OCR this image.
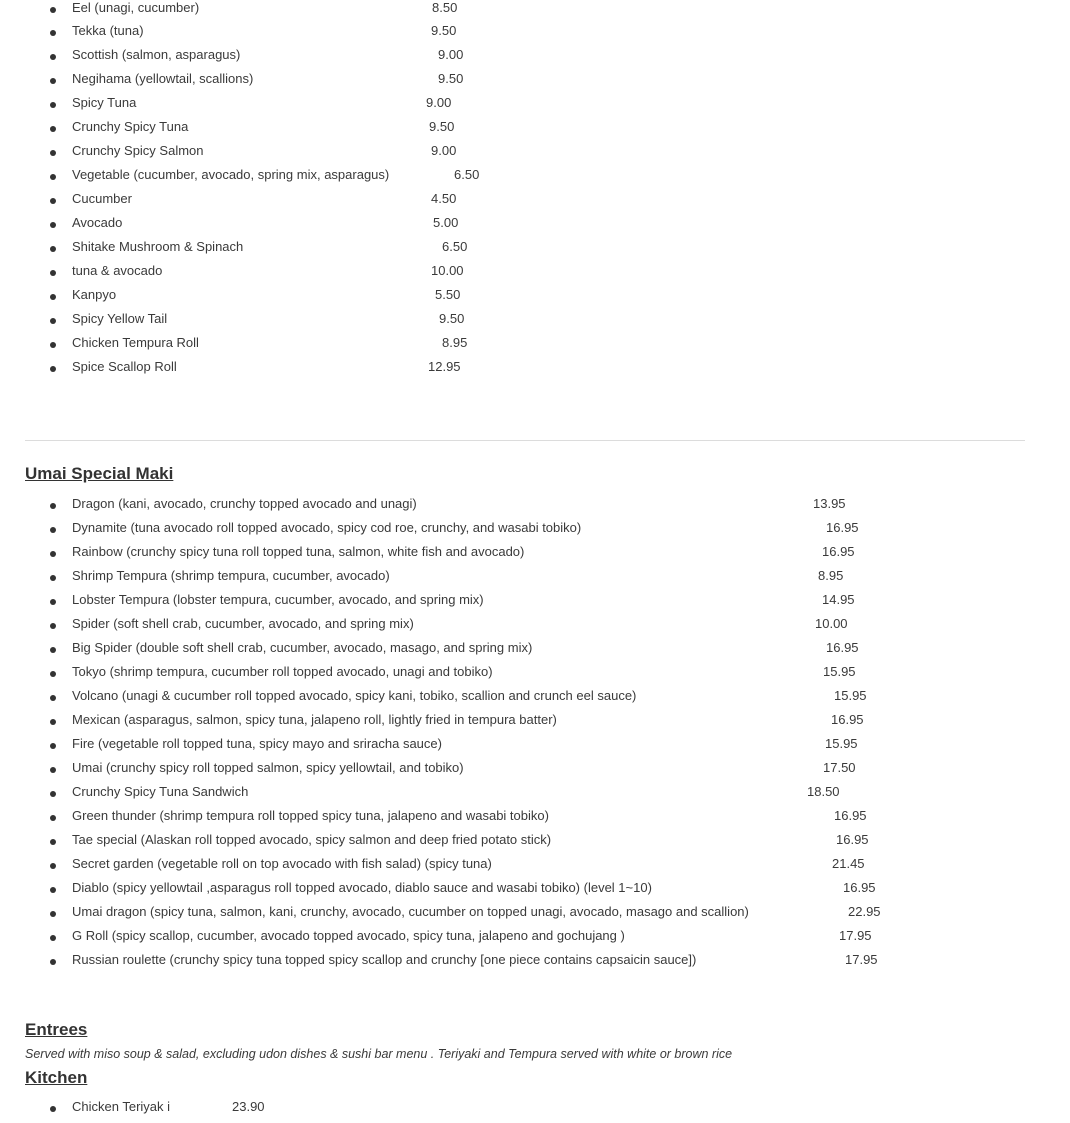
Eel (unagi, cucumber)	8.50
Tekka (tuna)	9.50
Scottish (salmon, asparagus)	9.00
Negihama (yellowtail, scallions)	9.50
Spicy Tuna	9.00
Crunchy Spicy Tuna	9.50
Crunchy Spicy Salmon	9.00
Vegetable (cucumber, avocado, spring mix, asparagus)	6.50
Cucumber	4.50
Avocado	5.00
Shitake Mushroom & Spinach	6.50
tuna & avocado	10.00
Kanpyo	5.50
Spicy Yellow Tail	9.50
Chicken Tempura Roll	8.95
Spice Scallop Roll	12.95
Umai Special Maki
Dragon (kani, avocado, crunchy topped avocado and unagi)	13.95
Dynamite (tuna avocado roll topped avocado, spicy cod roe, crunchy, and wasabi tobiko)	16.95
Rainbow (crunchy spicy tuna roll topped tuna, salmon, white fish and avocado)	16.95
Shrimp Tempura (shrimp tempura, cucumber, avocado)	8.95
Lobster Tempura (lobster tempura, cucumber, avocado, and spring mix)	14.95
Spider (soft shell crab, cucumber, avocado, and spring mix)	10.00
Big Spider (double soft shell crab, cucumber, avocado, masago, and spring mix)	16.95
Tokyo (shrimp tempura, cucumber roll topped avocado, unagi and tobiko)	15.95
Volcano (unagi & cucumber roll topped avocado, spicy kani, tobiko, scallion and crunch eel sauce)	15.95
Mexican (asparagus, salmon, spicy tuna, jalapeno roll, lightly fried in tempura batter)	16.95
Fire (vegetable roll topped tuna, spicy mayo and sriracha sauce)	15.95
Umai (crunchy spicy roll topped salmon, spicy yellowtail, and tobiko)	17.50
Crunchy Spicy Tuna Sandwich	18.50
Green thunder (shrimp tempura roll topped spicy tuna, jalapeno and wasabi tobiko)	16.95
Tae special (Alaskan roll topped avocado, spicy salmon and deep fried potato stick)	16.95
Secret garden (vegetable roll on top avocado with fish salad) (spicy tuna)	21.45
Diablo (spicy yellowtail ,asparagus roll topped avocado, diablo sauce and wasabi tobiko) (level 1~10)	16.95
Umai dragon (spicy tuna, salmon, kani, crunchy, avocado, cucumber on topped unagi, avocado, masago and scallion)	22.95
G Roll (spicy scallop, cucumber, avocado topped avocado, spicy tuna, jalapeno and gochujang )	17.95
Russian roulette (crunchy spicy tuna topped spicy scallop and crunchy [one piece contains capsaicin sauce])	17.95
Entrees
Served with miso soup & salad, excluding udon dishes & sushi bar menu . Teriyaki and Tempura served with white or brown rice
Kitchen
Chicken Teriyak i	23.90
